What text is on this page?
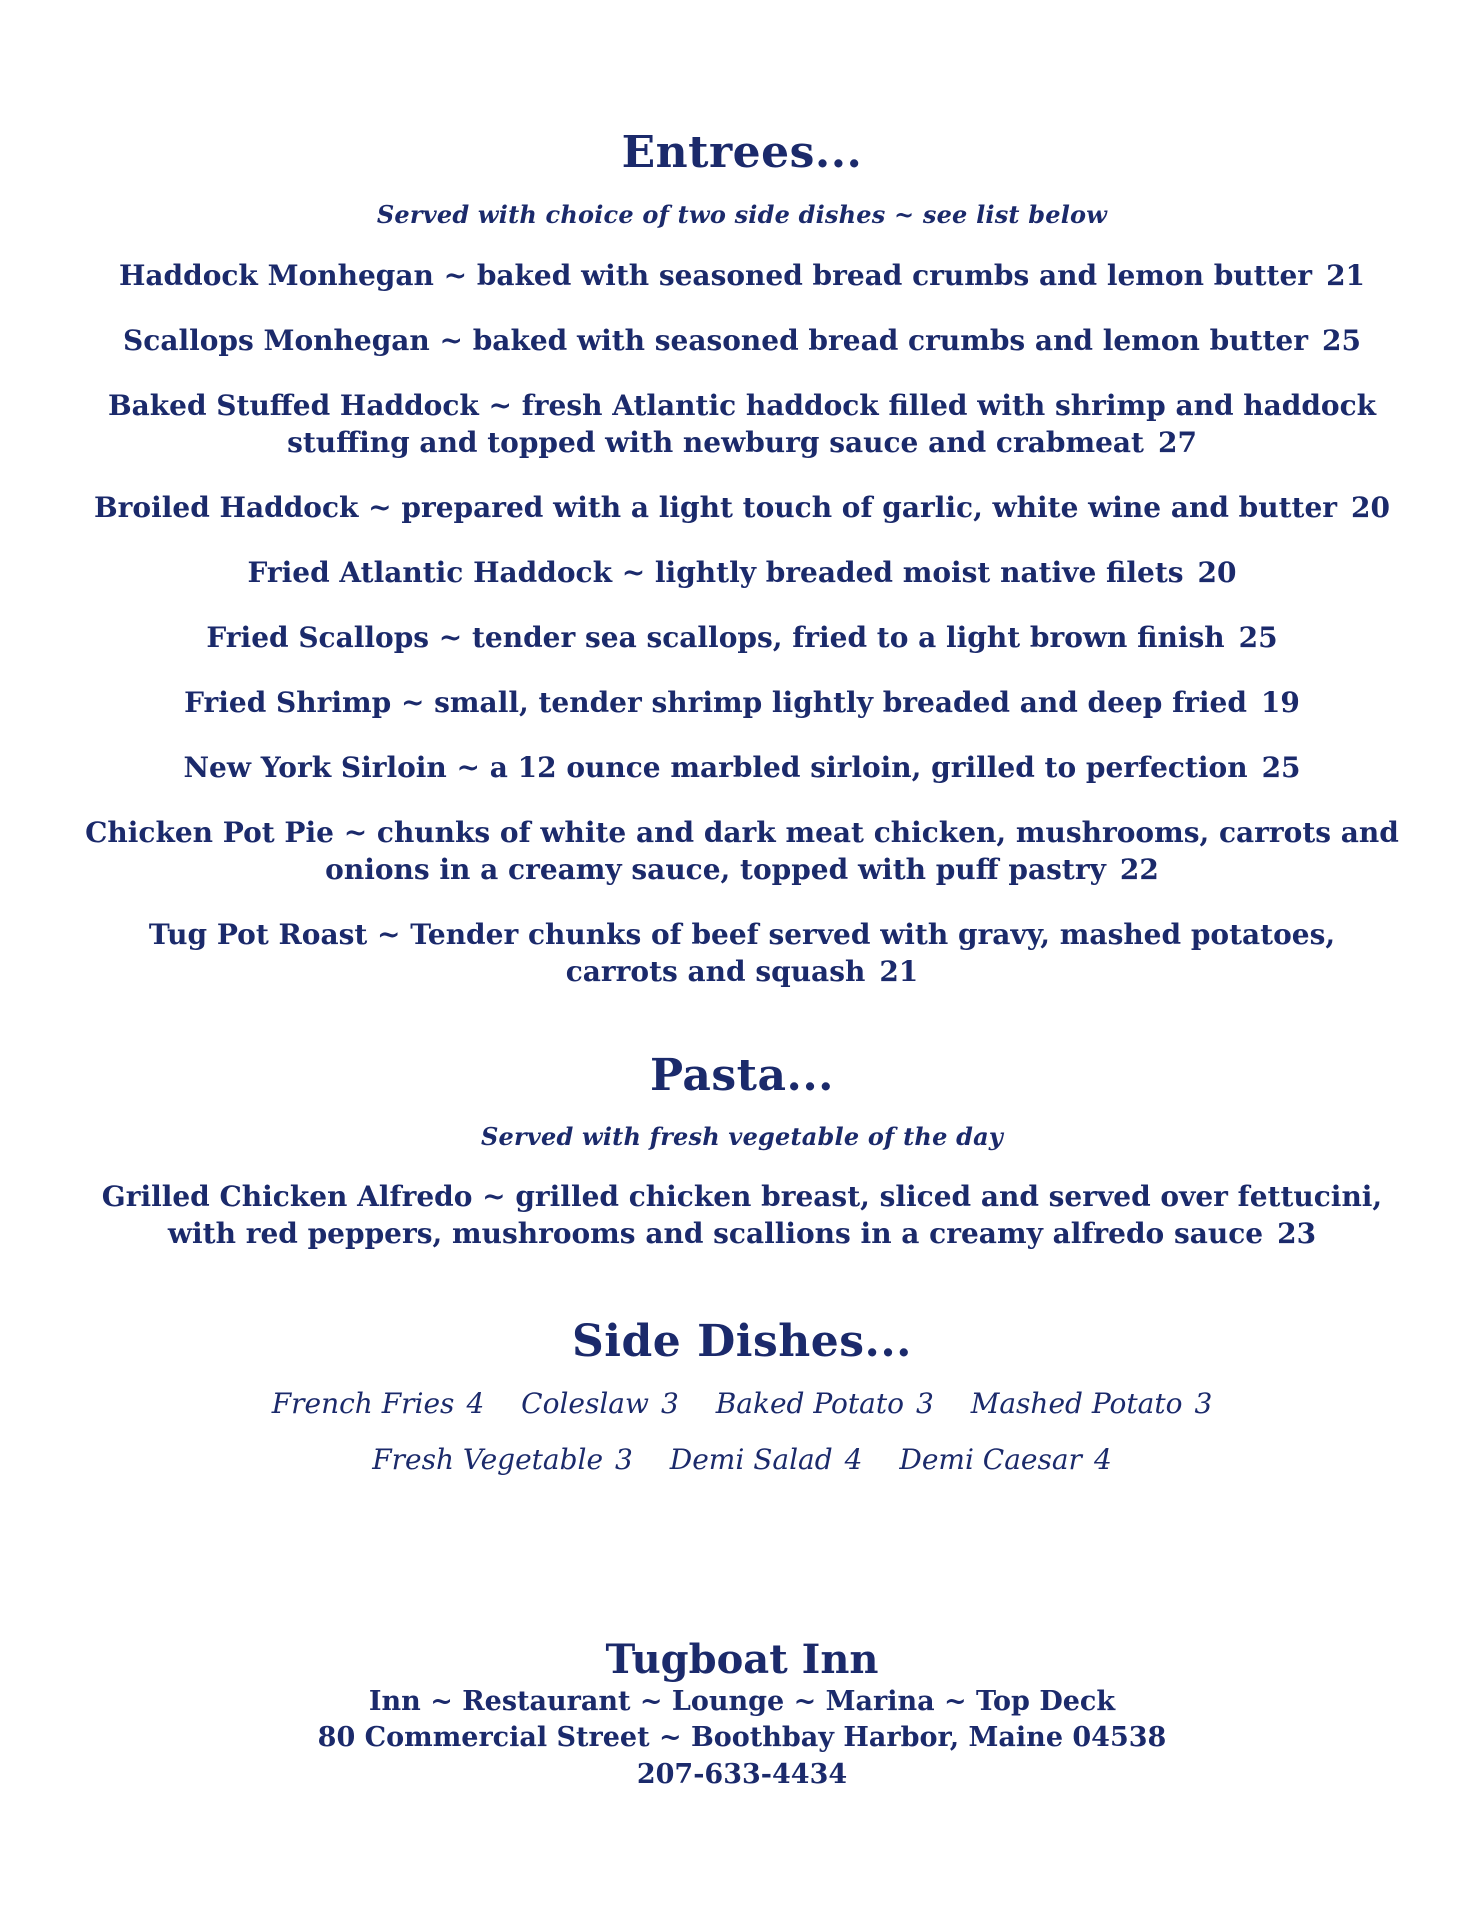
Entrees...

Served with choice of two side dishes ~ see list below

Haddock Monhegan ~ baked with seasoned bread crumbs and lemon butter 21
Scallops Monhegan ~ baked with seasoned bread crumbs and lemon butter 25
Baked Stuffed Haddock ~ fresh Atlantic haddock filled with shrimp and haddock
stuffing and topped with newburg sauce and crabmeat 27
Broiled Haddock ~ prepared with a light touch of garlic, white wine and butter 20
Fried Atlantic Haddock ~ lightly breaded moist native filets 20
Fried Scallops ~ tender sea scallops, fried to a light brown finish 25
Fried Shrimp ~ small, tender shrimp lightly breaded and deep fried 19
New York Sirloin ~ a 12 ounce marbled sirloin, grilled to perfection 25
Chicken Pot Pie ~ chunks of white and dark meat chicken, mushrooms, carrots and
onions in a creamy sauce, topped with puff pastry 22
Tug Pot Roast ~ Tender chunks of beef served with gravy, mashed potatoes,
carrots and squash 21
Pasta...

Served with fresh vegetable of the day

Grilled Chicken Alfredo ~ grilled chicken breast, sliced and served over fettucini,
with red peppers, mushrooms and scallions in a creamy alfredo sauce 23
Side Dishes...
French Fries 4 Coleslaw 3 Baked Potato 3 Mashed Potato 3
Fresh Vegetable 3 Demi Salad 4 Demi Caesar 4
Tugboat Inn
Inn ~ Restaurant ~ Lounge ~ Marina ~ Top Deck
80 Commercial Street ~ Boothbay Harbor, Maine 04538
207-633-4434
